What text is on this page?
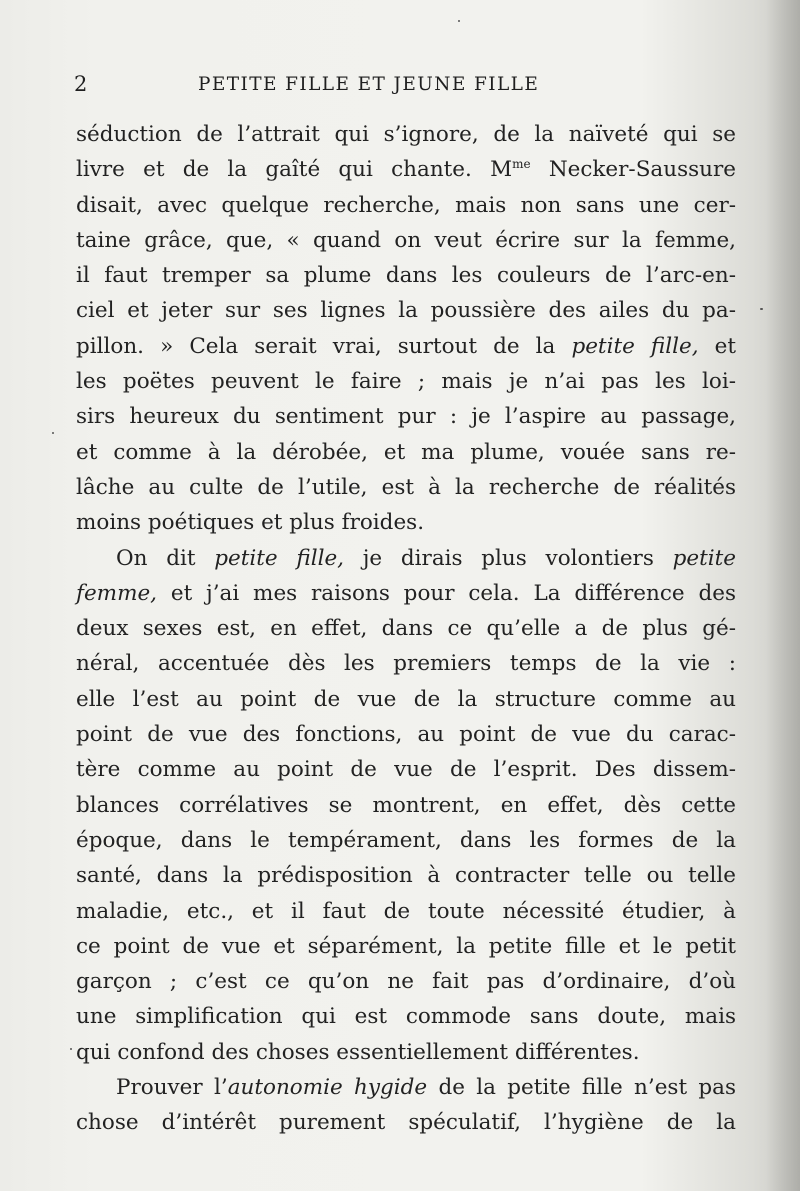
2	PETITE FILLE ET JEUNE FILLE
séduction de l’attrait qui s’ignore, de la naïveté qui se
livre et de la gaîté qui chante. $M^{me}$ Necker-Saussure
disait, avec quelque recherche, mais non sans une cer-
taine grâce, que, « quand on veut écrire sur la femme,
il faut tremper sa plume dans les couleurs de l’arc-en-
ciel et jeter sur ses lignes la poussière des ailes du pa-
pillon. » Cela serait vrai, surtout de la petite fille, et
les poëtes peuvent le faire ; mais je n’ai pas les loi-
sirs heureux du sentiment pur : je l’aspire au passage,
et comme à la dérobée, et ma plume, vouée sans re-
lâche au culte de l’utile, est à la recherche de réalités
moins poétiques et plus froides.
On dit petite fille, je dirais plus volontiers petite
femme, et j’ai mes raisons pour cela. La différence des
deux sexes est, en effet, dans ce qu’elle a de plus gé-
néral, accentuée dès les premiers temps de la vie :
elle l’est au point de vue de la structure comme au
point de vue des fonctions, au point de vue du carac-
tère comme au point de vue de l’esprit. Des dissem-
blances corrélatives se montrent, en effet, dès cette
époque, dans le tempérament, dans les formes de la
santé, dans la prédisposition à contracter telle ou telle
maladie, etc., et il faut de toute nécessité étudier, à
ce point de vue et séparément, la petite fille et le petit
garçon ; c’est ce qu’on ne fait pas d’ordinaire, d’où
une simplification qui est commode sans doute, mais
qui confond des choses essentiellement différentes.
Prouver l’autonomie hygide de la petite fille n’est pas
chose d’intérêt purement spéculatif, l’hygiène de la
